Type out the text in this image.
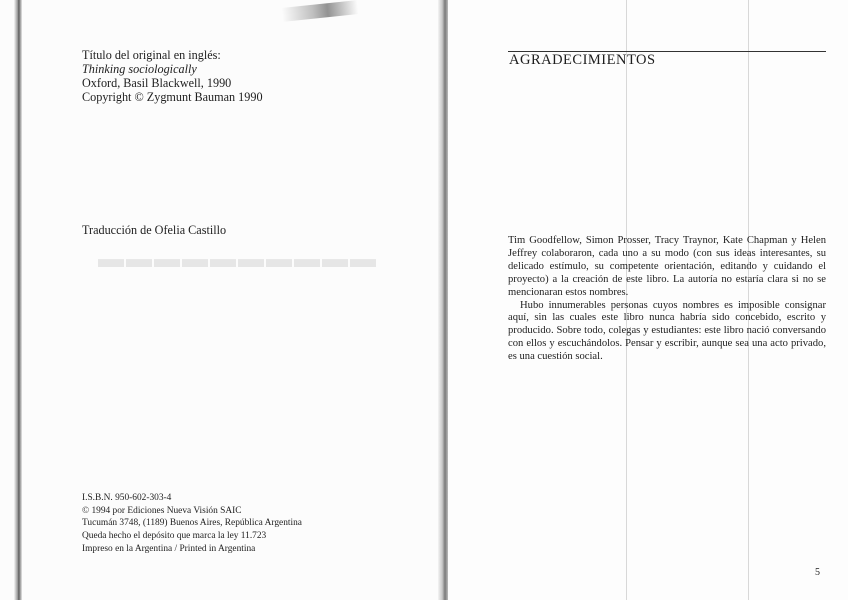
▬▬▬▬▬▬▬▬▬▬
Título del original en inglés:
Thinking sociologically
Oxford, Basil Blackwell, 1990
Copyright © Zygmunt Bauman 1990
Traducción de Ofelia Castillo
I.S.B.N. 950-602-303-4
© 1994 por Ediciones Nueva Visión SAIC
Tucumán 3748, (1189) Buenos Aires, República Argentina
Queda hecho el depósito que marca la ley 11.723
Impreso en la Argentina / Printed in Argentina
AGRADECIMIENTOS

Tim Goodfellow, Simon Prosser, Tracy Traynor, Kate Chapman y Helen Jeffrey colaboraron, cada uno a su modo (con sus ideas interesantes, su delicado estímulo, su competente orientación, editando y cuidando el proyecto) a la creación de este libro. La autoría no estaría clara si no se mencionaran estos nombres.

Hubo innumerables personas cuyos nombres es imposible consignar aquí, sin las cuales este libro nunca habría sido concebido, escrito y producido. Sobre todo, colegas y estudiantes: este libro nació conversando con ellos y escuchándolos. Pensar y escribir, aunque sea una acto privado, es una cuestión social.

5
